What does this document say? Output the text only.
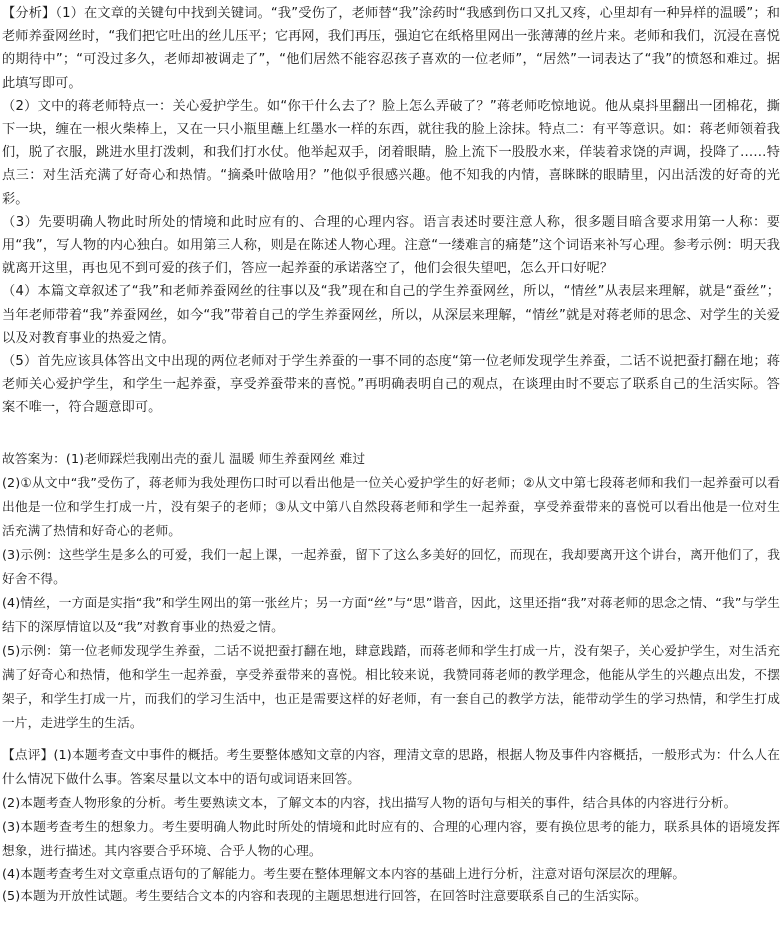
【分析】（1）在文章的关键句中找到关键词。“我”受伤了，老师替“我”涂药时“我感到伤口又扎又疼，心里却有一种异样的温暖”；和老师养蚕网丝时，“我们把它吐出的丝儿压平；它再网，我们再压，强迫它在纸格里网出一张薄薄的丝片来。老师和我们，沉浸在喜悦的期待中”；“可没过多久，老师却被调走了”，“他们居然不能容忍孩子喜欢的一位老师”，“居然”一词表达了“我”的愤怒和难过。据此填写即可。

（2）文中的蒋老师特点一：关心爱护学生。如“你干什么去了？脸上怎么弄破了？”蒋老师吃惊地说。他从桌抖里翻出一团棉花，撕下一块，缠在一根火柴棒上，又在一只小瓶里蘸上红墨水一样的东西，就往我的脸上涂抹。特点二：有平等意识。如：蒋老师领着我们，脱了衣服，跳进水里打泼刺，和我们打水仗。他举起双手，闭着眼睛，脸上流下一股股水来，佯装着求饶的声调，投降了……特点三：对生活充满了好奇心和热情。“摘桑叶做啥用？”他似乎很感兴趣。他不知我的内情，喜眯眯的眼睛里，闪出活泼的好奇的光彩。

（3）先要明确人物此时所处的情境和此时应有的、合理的心理内容。语言表述时要注意人称，很多题目暗含要求用第一人称：要用“我”，写人物的内心独白。如用第三人称，则是在陈述人物心理。注意“一缕难言的痛楚”这个词语来补写心理。参考示例：明天我就离开这里，再也见不到可爱的孩子们，答应一起养蚕的承诺落空了，他们会很失望吧，怎么开口好呢？

（4）本篇文章叙述了“我”和老师养蚕网丝的往事以及“我”现在和自己的学生养蚕网丝，所以，“情丝”从表层来理解，就是“蚕丝”；当年老师带着“我”养蚕网丝，如今“我”带着自己的学生养蚕网丝，所以，从深层来理解，“情丝”就是对蒋老师的思念、对学生的关爱以及对教育事业的热爱之情。

（5）首先应该具体答出文中出现的两位老师对于学生养蚕的一事不同的态度“第一位老师发现学生养蚕，二话不说把蚕打翻在地；蒋老师关心爱护学生，和学生一起养蚕，享受养蚕带来的喜悦。”再明确表明自己的观点，在谈理由时不要忘了联系自己的生活实际。答案不唯一，符合题意即可。

故答案为：(1)老师踩烂我刚出壳的蚕儿 温暖 师生养蚕网丝 难过

(2)①从文中“我”受伤了，蒋老师为我处理伤口时可以看出他是一位关心爱护学生的好老师；②从文中第七段蒋老师和我们一起养蚕可以看出他是一位和学生打成一片，没有架子的老师；③从文中第八自然段蒋老师和学生一起养蚕，享受养蚕带来的喜悦可以看出他是一位对生活充满了热情和好奇心的老师。

(3)示例：这些学生是多么的可爱，我们一起上课，一起养蚕，留下了这么多美好的回忆，而现在，我却要离开这个讲台，离开他们了，我好舍不得。

(4)情丝，一方面是实指“我”和学生网出的第一张丝片；另一方面“丝”与“思”谐音，因此，这里还指“我”对蒋老师的思念之情、“我”与学生结下的深厚情谊以及“我”对教育事业的热爱之情。

(5)示例：第一位老师发现学生养蚕，二话不说把蚕打翻在地，肆意践踏，而蒋老师和学生打成一片，没有架子，关心爱护学生，对生活充满了好奇心和热情，他和学生一起养蚕，享受养蚕带来的喜悦。相比较来说，我赞同蒋老师的教学理念，他能从学生的兴趣点出发，不摆架子，和学生打成一片，而我们的学习生活中，也正是需要这样的好老师，有一套自己的教学方法，能带动学生的学习热情，和学生打成一片，走进学生的生活。

【点评】(1)本题考查文中事件的概括。考生要整体感知文章的内容，理清文章的思路，根据人物及事件内容概括，一般形式为：什么人在什么情况下做什么事。答案尽量以文本中的语句或词语来回答。

(2)本题考查人物形象的分析。考生要熟读文本，了解文本的内容，找出描写人物的语句与相关的事件，结合具体的内容进行分析。

(3)本题考查考生的想象力。考生要明确人物此时所处的情境和此时应有的、合理的心理内容，要有换位思考的能力，联系具体的语境发挥想象，进行描述。其内容要合乎环境、合乎人物的心理。

(4)本题考查考生对文章重点语句的了解能力。考生要在整体理解文本内容的基础上进行分析，注意对语句深层次的理解。

(5)本题为开放性试题。考生要结合文本的内容和表现的主题思想进行回答，在回答时注意要联系自己的生活实际。
